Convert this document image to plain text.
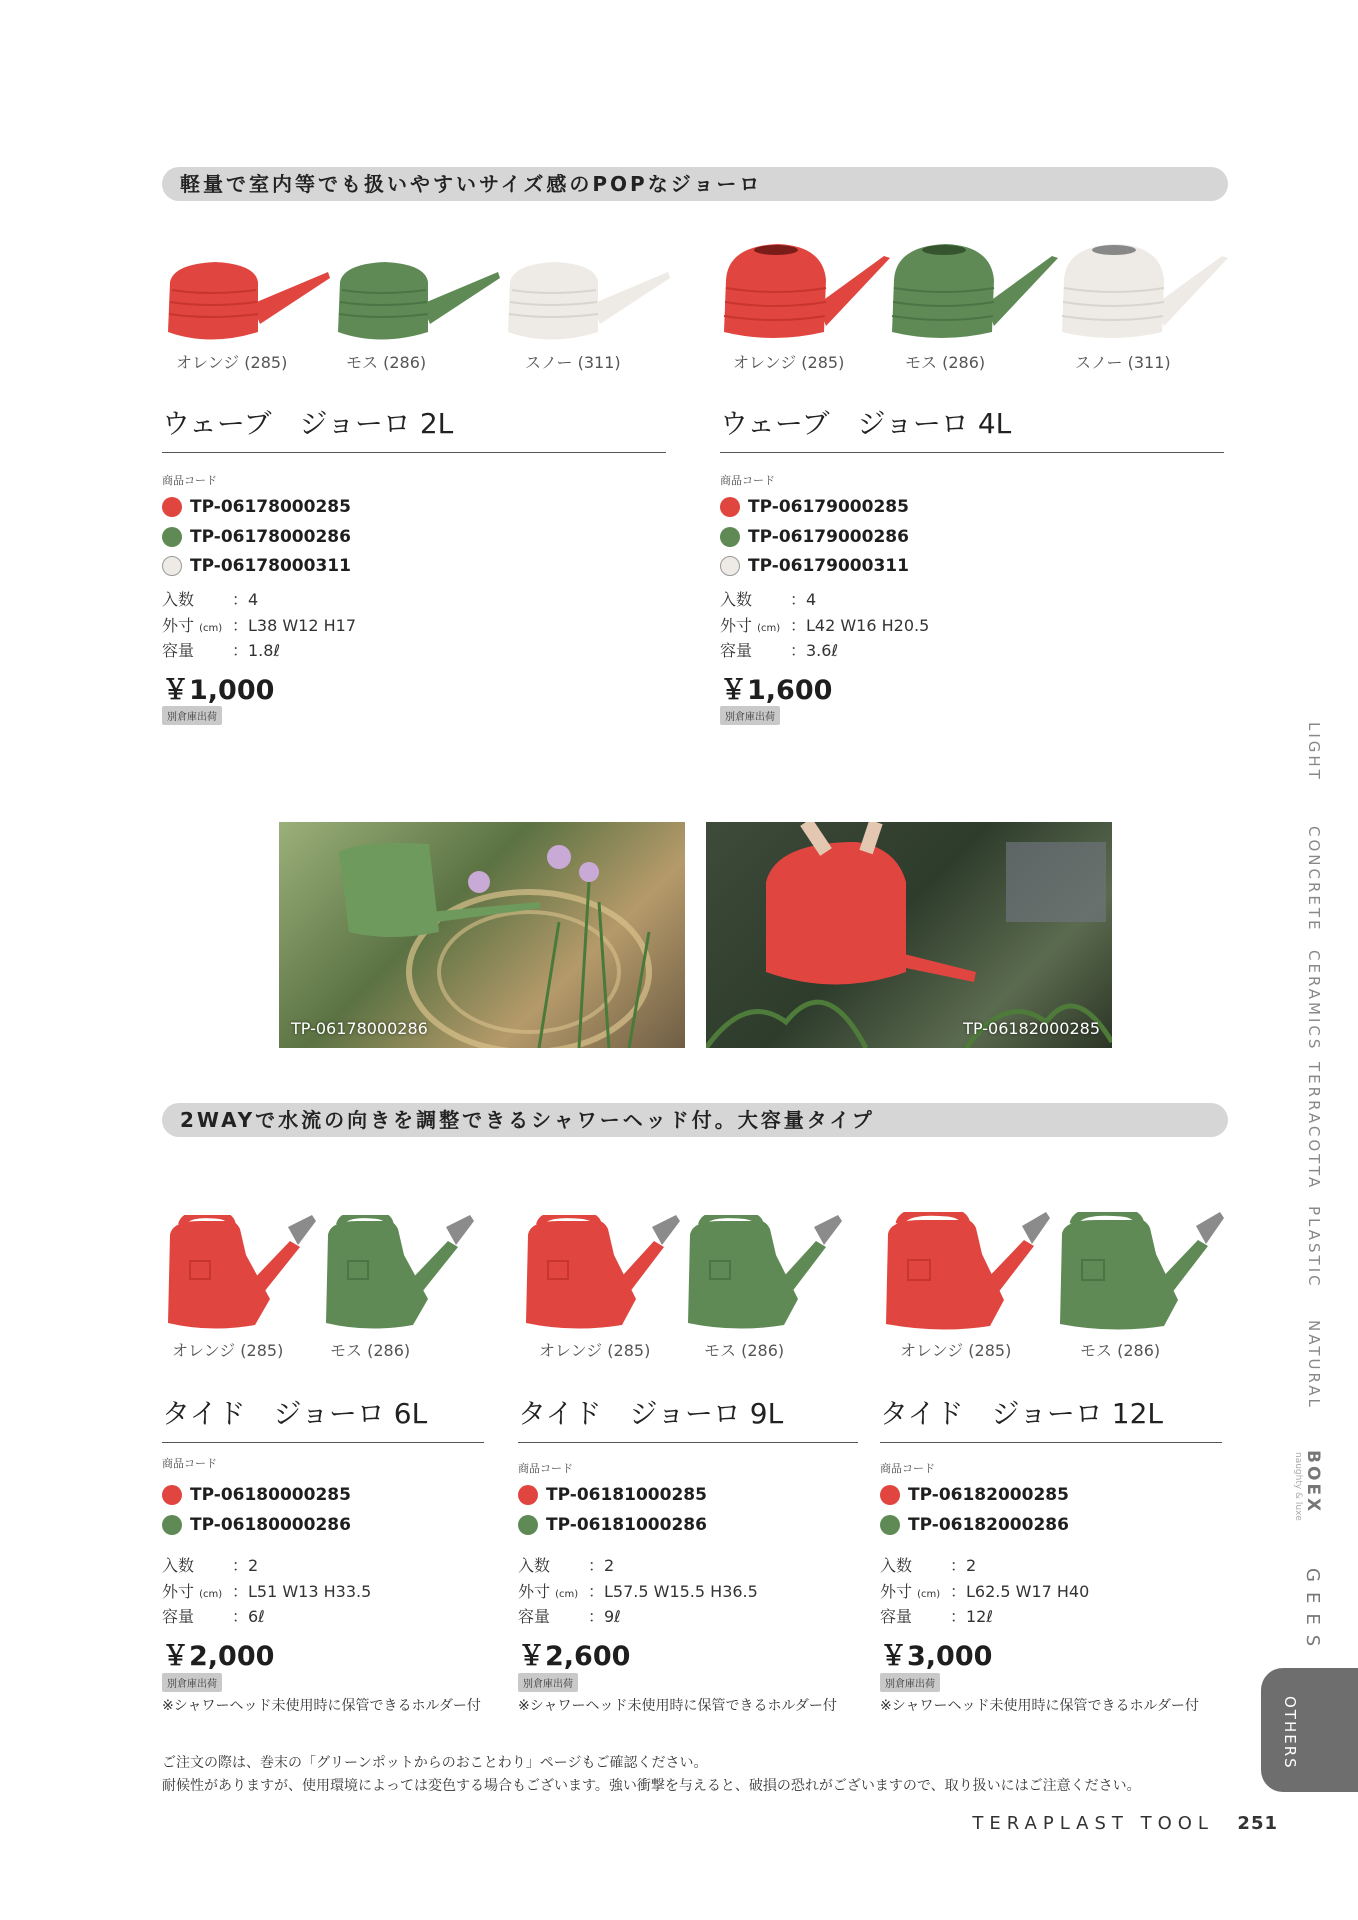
軽量で室内等でも扱いやすいサイズ感のPOPなジョーロ
オレンジ (285)	モス (286)	スノー (311)	オレンジ (285)	モス (286)	スノー (311)
ウェーブ　ジョーロ 2L
商品コード
TP-06178000285
TP-06178000286
TP-06178000311
入数 ：4
外寸 (cm) ：L38 W12 H17
容量 ：1.8ℓ
￥1,000
別倉庫出荷
ウェーブ　ジョーロ 4L
商品コード
TP-06179000285
TP-06179000286
TP-06179000311
入数 ：4
外寸 (cm) ：L42 W16 H20.5
容量 ：3.6ℓ
￥1,600
別倉庫出荷
TP-06178000286	TP-06182000285
2WAYで水流の向きを調整できるシャワーヘッド付。大容量タイプ
オレンジ (285)	モス (286)	オレンジ (285)	モス (286)	オレンジ (285)	モス (286)
タイド　ジョーロ 6L
商品コード
TP-06180000285
TP-06180000286
入数 ：2
外寸 (cm) ：L51 W13 H33.5
容量 ：6ℓ
￥2,000
別倉庫出荷
※シャワーヘッド未使用時に保管できるホルダー付
タイド　ジョーロ 9L
商品コード
TP-06181000285
TP-06181000286
入数 ：2
外寸 (cm) ：L57.5 W15.5 H36.5
容量 ：9ℓ
￥2,600
別倉庫出荷
※シャワーヘッド未使用時に保管できるホルダー付
タイド　ジョーロ 12L
商品コード
TP-06182000285
TP-06182000286
入数 ：2
外寸 (cm) ：L62.5 W17 H40
容量 ：12ℓ
￥3,000
別倉庫出荷
※シャワーヘッド未使用時に保管できるホルダー付
LIGHT
CONCRETE
CERAMICS
TERRACOTTA
PLASTIC
NATURAL
BOEX
naughty & luxe
GEES
OTHERS
ご注文の際は、巻末の「グリーンポットからのおことわり」ページもご確認ください。
耐候性がありますが、使用環境によっては変色する場合もございます。強い衝撃を与えると、破損の恐れがございますので、取り扱いにはご注意ください。
TERAPLAST TOOL 251
